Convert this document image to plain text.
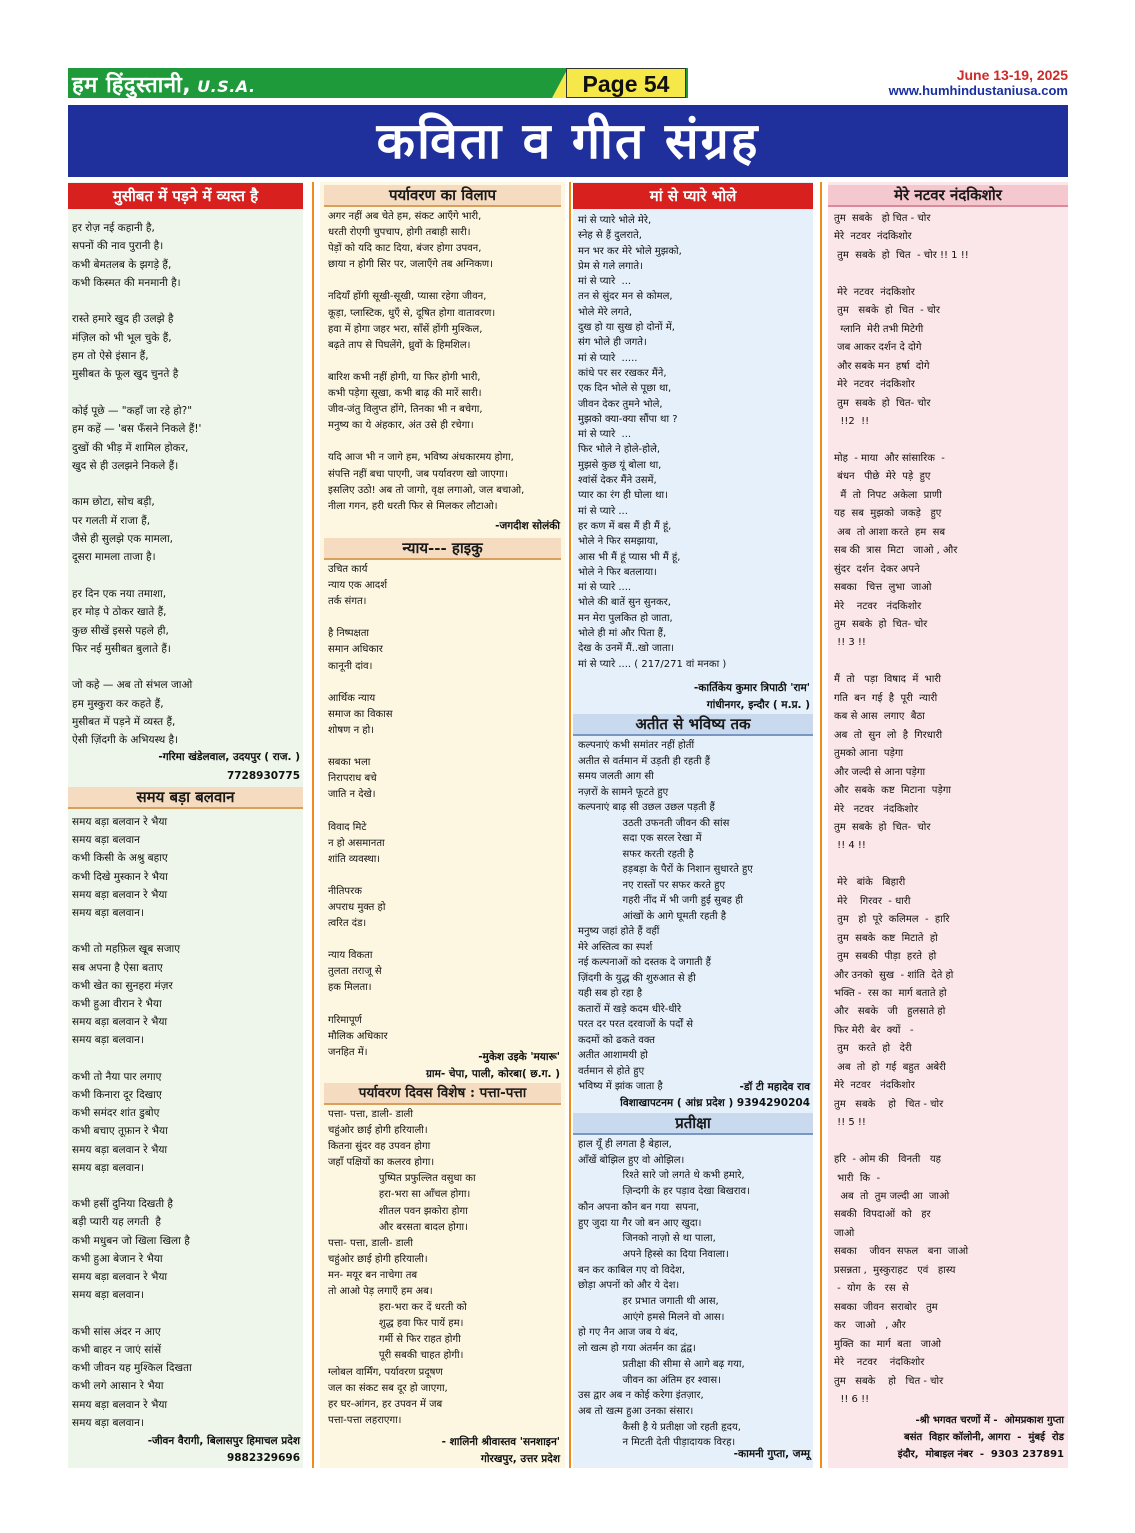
हम हिंदुस्तानी, U.S.A.	Page 54	June 13-19, 2025
www.humhindustaniusa.com
कविता व गीत संग्रह
मुसीबत में पड़ने में व्यस्त है
हर रोज़ नई कहानी है,
सपनों की नाव पुरानी है।
कभी बेमतलब के झगड़े हैं,
कभी किस्मत की मनमानी है।

रास्ते हमारे खुद ही उलझे है
मंज़िल को भी भूल चुके हैं,
हम तो ऐसे इंसान हैं,
मुसीबत के फूल खुद चुनते है

कोई पूछे — "कहाँ जा रहे हो?"
हम कहें — 'बस फँसने निकले हैं!'
दुखों की भीड़ में शामिल होकर,
खुद से ही उलझने निकले हैं।

काम छोटा, सोच बड़ी,
पर गलती में राजा हैं,
जैसे ही सुलझे एक मामला,
दूसरा मामला ताजा है।

हर दिन एक नया तमाशा,
हर मोड़ पे ठोकर खाते हैं,
कुछ सीखें इससे पहले ही,
फिर नई मुसीबत बुलाते हैं।

जो कहे — अब तो संभल जाओ
हम मुस्कुरा कर कहते हैं,
मुसीबत में पड़ने में व्यस्त हैं,
ऐसी ज़िंदगी के अभियस्थ है।
-गरिमा खंडेलवाल, उदयपुर ( राज. )
7728930775
समय बड़ा बलवान
समय बड़ा बलवान रे भैया
समय बड़ा बलवान
कभी किसी के अश्रु बहाए
कभी दिखे मुस्कान रे भैया
समय बड़ा बलवान रे भैया
समय बड़ा बलवान।

कभी तो महफ़िल खूब सजाए
सब अपना है ऐसा बताए
कभी खेत का सुनहरा मंज़र
कभी हुआ वीरान रे भैया
समय बड़ा बलवान रे भैया
समय बड़ा बलवान।

कभी तो नैया पार लगाए
कभी किनारा दूर दिखाए
कभी समंदर शांत डुबोए
कभी बचाए तूफ़ान रे भैया
समय बड़ा बलवान रे भैया
समय बड़ा बलवान।

कभी हसीं दुनिया दिखती है
बड़ी प्यारी यह लगती  है
कभी मधुबन जो खिला खिला है
कभी हुआ बेजान रे भैया
समय बड़ा बलवान रे भैया
समय बड़ा बलवान।

कभी सांस अंदर न आए
कभी बाहर न जाएं सांसें
कभी जीवन यह मुश्किल दिखता
कभी लगे आसान रे भैया
समय बड़ा बलवान रे भैया
समय बड़ा बलवान।
-जीवन वैरागी, बिलासपुर हिमाचल प्रदेश
9882329696
पर्यावरण का विलाप
अगर नहीं अब चेते हम, संकट आएँगे भारी,
धरती रोएगी चुपचाप, होगी तबाही सारी।
पेड़ों को यदि काट दिया, बंजर होगा उपवन,
छाया न होगी सिर पर, जलाएँगे तब अग्निकण।

नदियाँ होंगी सूखी-सूखी, प्यासा रहेगा जीवन,
कूड़ा, प्लास्टिक, धुएँ से, दूषित होगा वातावरण।
हवा में होगा जहर भरा, साँसें होंगी मुश्किल,
बढ़ते ताप से पिघलेंगे, ध्रुवों के हिमशिल।

बारिश कभी नहीं होगी, या फिर होगी भारी,
कभी पड़ेगा सूखा, कभी बाढ़ की मारें सारी।
जीव-जंतु विलुप्त होंगे, तिनका भी न बचेगा,
मनुष्य का ये अंहकार, अंत उसे ही रचेगा।

यदि आज भी न जागे हम, भविष्य अंधकारमय होगा,
संपत्ति नहीं बचा पाएगी, जब पर्यावरण खो जाएगा।
इसलिए उठो! अब तो जागो, वृक्ष लगाओ, जल बचाओ,
नीला गगन, हरी धरती फिर से मिलकर लौटाओ।
-जगदीश सोलंकी
न्याय--- हाइकु
उचित कार्य
न्याय एक आदर्श
तर्क संगत।

है निष्पक्षता
समान अधिकार
कानूनी दांव।

आर्थिक न्याय
समाज का विकास
शोषण न हो।

सबका भला
निरापराध बचे
जाति न देखे।

विवाद मिटे
न हो असमानता
शांति व्यवस्था।

नीतिपरक
अपराध मुक्त हो
त्वरित दंड।

न्याय विकता
तुलता तराजू से
हक मिलता।

गरिमापूर्ण
मौलिक अधिकार
जनहित में।	-मुकेश उइके 'मयारू'
ग्राम- चेपा, पाली, कोरबा( छ.ग. )
पर्यावरण दिवस विशेष : पत्ता-पत्ता
पत्ता- पत्ता, डाली- डाली
चहुंओर छाई होगी हरियाली।
कितना सुंदर वह उपवन होगा
जहाँ पक्षियों का कलरव होगा।
पुष्पित प्रफुल्लित वसुधा का
हरा-भरा सा आँचल होगा।
शीतल पवन झकोरा होगा
और बरसता बादल होगा।
पत्ता- पत्ता, डाली- डाली
चहुंओर छाई होगी हरियाली।
मन- मयूर बन नाचेगा तब
तो आओ पेड़ लगाएँ हम अब।
हरा-भरा कर दें धरती को
शुद्ध हवा फिर पायें हम।
गर्मी से फिर राहत होगी
पूरी सबकी चाहत होगी।
ग्लोबल वार्मिंग, पर्यावरण प्रदूषण
जल का संकट सब दूर हो जाएगा,
हर घर-आंगन, हर उपवन में जब
पत्ता-पत्ता लहराएगा।
- शालिनी श्रीवास्तव 'सनशाइन'
गोरखपुर, उत्तर प्रदेश
मां से प्यारे भोले
मां से प्यारे भोले मेरे,
स्नेह से हैं दुलराते,
मन भर कर मेरे भोले मुझको,
प्रेम से गले लगाते।
मां से प्यारे  ...
तन से सुंदर मन से कोमल,
भोले मेरे लगते,
दुख हो या सुख हो दोनों में,
संग भोले ही जगते।
मां से प्यारे  .....
कांधे पर सर रखकर मैंने,
एक दिन भोले से पूछा था,
जीवन देकर तुमने भोले,
मुझको क्या-क्या सौंपा था ?
मां से प्यारे  ...
फिर भोले ने होले-होले,
मुझसे कुछ यूं बोला था,
श्वांसें देकर मैंने उसमें,
प्यार का रंग ही घोला था।
मां से प्यारे ...
हर कण में बस मैं ही मैं हूं,
भोले ने फिर समझाया,
आस भी मैं हूं प्यास भी मैं हूं,
भोले ने फिर बतलाया।
मां से प्यारे ....
भोले की बातें सुन सुनकर,
मन मेरा पुलकित हो जाता,
भोले ही मां और पिता हैं,
देख के उनमें मैं..खो जाता।
मां से प्यारे .... ( 217/271 वां मनका )
-कार्तिकेय कुमार त्रिपाठी 'राम'
गांधीनगर, इन्दौर ( म.प्र. )
अतीत से भविष्य तक
कल्पनाएं कभी समांतर नहीं होतीं
अतीत से वर्तमान में उड़ती ही रहती हैं
समय जलती आग सी
नज़रों के सामने फूटते हुए
कल्पनाएं बाढ़ सी उछल उछल पड़ती हैं
उठती उफनती जीवन की सांस
सदा एक सरल रेखा में
सफर करती रहती है
हड़बड़ा के पैरों के निशान सुधारते हुए
नए रास्तों पर सफर करते हुए
गहरी नींद में भी जगी हुई सुबह ही
आंखों के आगे घूमती रहती है
मनुष्य जहां होते हैं वहीं
मेरे अस्तित्व का स्पर्श
नई कल्पनाओं को दस्तक दे जगाती हैं
ज़िंदगी के युद्ध की शुरुआत से ही
यही सब हो रहा है
कतारों में खड़े कदम धीरे-धीरे
परत दर परत दरवाजों के पर्दों से
कदमों को ढकते वक्त
अतीत आशामयी हो
वर्तमान से होते हुए
भविष्य में झांक जाता है	-डॉ टी महादेव राव
विशाखापटनम ( आंध्र प्रदेश ) 9394290204
प्रतीक्षा
हाल यूँ ही लगता है बेहाल,
आँखें बोझिल हुए वो ओझिल।
रिश्ते सारे जो लगते थे कभी हमारे,
ज़िन्दगी के हर पड़ाव देखा बिखराव।
कौन अपना कौन बन गया  सपना,
हुए जुदा या गैर जो बन आए खुदा।
जिनको नाज़ो से था पाला,
अपने हिस्से का दिया निवाला।
बन कर काबिल गए वो विदेश,
छोड़ा अपनों को और ये देश।
हर प्रभात जगाती थी आस,
आएंगे हमसे मिलने वो आस।
हो गए नैन आज जब ये बंद,
लो खत्म हो गया अंतर्मन का द्वंद्व।
प्रतीक्षा की सीमा से आगे बढ़ गया,
जीवन का अंतिम हर श्वास।
उस द्वार अब न कोई करेगा इंतज़ार,
अब तो खत्म हुआ उनका संसार।
कैसी है ये प्रतीक्षा जो रहती हृदय,
न मिटती देती पीड़ादायक विरह।
-कामनी गुप्ता, जम्मू
मेरे नटवर नंदकिशोर
तुम  सबके   हो चित - चोर
मेरे  नटवर  नंदकिशोर
तुम  सबके  हो  चित  - चोर !! 1 !!

मेरे  नटवर  नंदकिशोर
तुम   सबके  हो  चित  - चोर
ग्लानि  मेरी तभी मिटेगी
जब आकर दर्शन दे दोगे
और सबके मन  हर्षा  दोगे
मेरे  नटवर  नंदकिशोर
तुम  सबके  हो  चित- चोर
!!2  !!

मोह  - माया  और सांसारिक  -
बंधन   पीछे  मेरे  पड़े  हुए
मैं  तो  निपट  अकेला  प्राणी
यह  सब  मुझको  जकड़े   हुए
अब  तो आशा करते  हम  सब
सब की  त्रास  मिटा   जाओ , और
सुंदर  दर्शन  देकर अपने
सबका   चित्त  लुभा  जाओ
मेरे    नटवर   नंदकिशोर
तुम  सबके  हो  चित- चोर
!! 3 !!

मैं  तो   पड़ा  विषाद  में  भारी
गति  बन  गई  है  पूरी  न्यारी
कब से आस  लगाए  बैठा
अब  तो  सुन  लो  है  गिरधारी
तुमको आना  पड़ेगा
और जल्दी से आना पड़ेगा
और  सबके  कष्ट  मिटाना  पड़ेगा
मेरे   नटवर   नंदकिशोर
तुम  सबके  हो  चित-  चोर
!! 4 !!

मेरे   बांके   बिहारी
मेरे    गिरवर  - धारी
तुम   हो  पूरे  कलिमल  -  हारि
तुम  सबके  कष्ट  मिटाते  हो
तुम  सबकी  पीड़ा  हरते  हो
और उनको  सुख  - शांति  देते हो
भक्ति -  रस का  मार्ग बताते हो
और   सबके   जी   हुलसाते हो
फिर मेरी  बेर  क्यों   -
तुम   करते  हो   देरी
अब  तो  हो  गई  बहुत  अबेरी
मेरे  नटवर   नंदकिशोर
तुम   सबके    हो   चित - चोर
!! 5 !!

हरि  - ओम की   विनती   यह
भारी  कि  -
अब  तो  तुम जल्दी आ  जाओ
सबकी  विपदाओं  को   हर
जाओ
सबका    जीवन  सफल   बना  जाओ
प्रसन्नता ,  मुस्कुराहट   एवं   हास्य
-  योग  के   रस  से
सबका  जीवन  सराबोर   तुम
कर   जाओ   , और
मुक्ति  का  मार्ग  बता   जाओ
मेरे    नटवर    नंदकिशोर
तुम   सबके    हो   चित - चोर
!! 6 !!
-श्री भगवत चरणों में -  ओमप्रकाश गुप्ता
बसंत  विहार कॉलोनी, आगरा  -  मुंबई  रोड
इंदौर,  मोबाइल नंबर  -  9303 237891
